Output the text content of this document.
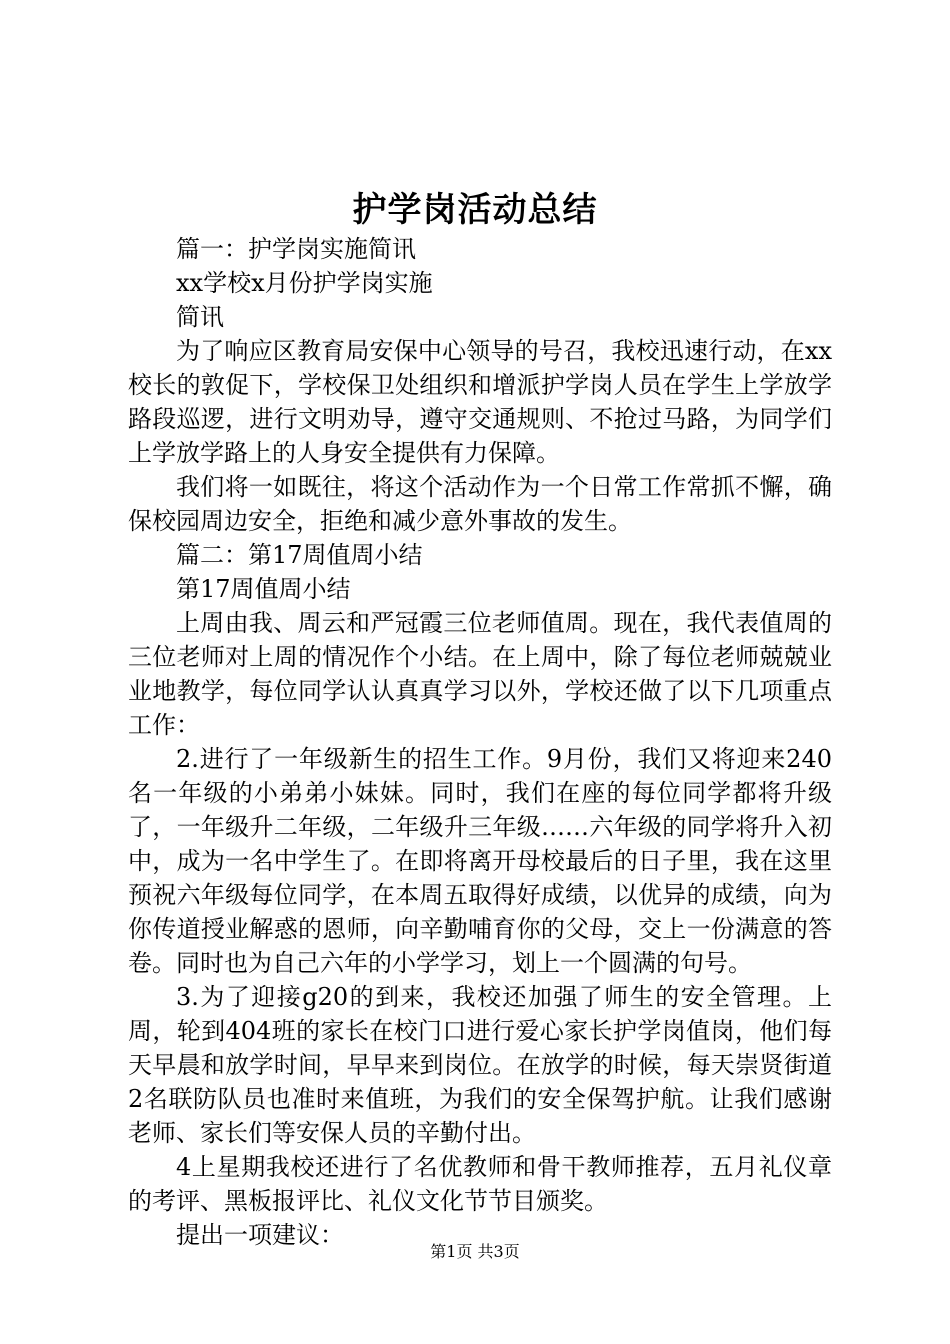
护学岗活动总结

篇一：护学岗实施简讯

xx学校x月份护学岗实施

简讯

为了响应区教育局安保中心领导的号召，我校迅速行动，在xx校长的敦促下，学校保卫处组织和增派护学岗人员在学生上学放学路段巡逻，进行文明劝导，遵守交通规则、不抢过马路，为同学们上学放学路上的人身安全提供有力保障。

我们将一如既往，将这个活动作为一个日常工作常抓不懈，确保校园周边安全，拒绝和减少意外事故的发生。

篇二：第17周值周小结

第17周值周小结

上周由我、周云和严冠霞三位老师值周。现在，我代表值周的三位老师对上周的情况作个小结。在上周中，除了每位老师兢兢业业地教学，每位同学认认真真学习以外，学校还做了以下几项重点工作：

2.进行了一年级新生的招生工作。9月份，我们又将迎来240名一年级的小弟弟小妹妹。同时，我们在座的每位同学都将升级了，一年级升二年级，二年级升三年级……六年级的同学将升入初中，成为一名中学生了。在即将离开母校最后的日子里，我在这里预祝六年级每位同学，在本周五取得好成绩，以优异的成绩，向为你传道授业解惑的恩师，向辛勤哺育你的父母，交上一份满意的答卷。同时也为自己六年的小学学习，划上一个圆满的句号。

3.为了迎接g20的到来，我校还加强了师生的安全管理。上周，轮到404班的家长在校门口进行爱心家长护学岗值岗，他们每天早晨和放学时间，早早来到岗位。在放学的时候，每天崇贤街道2名联防队员也准时来值班，为我们的安全保驾护航。让我们感谢老师、家长们等安保人员的辛勤付出。

4上星期我校还进行了名优教师和骨干教师推荐，五月礼仪章的考评、黑板报评比、礼仪文化节节目颁奖。

提出一项建议：

第1页 共3页
